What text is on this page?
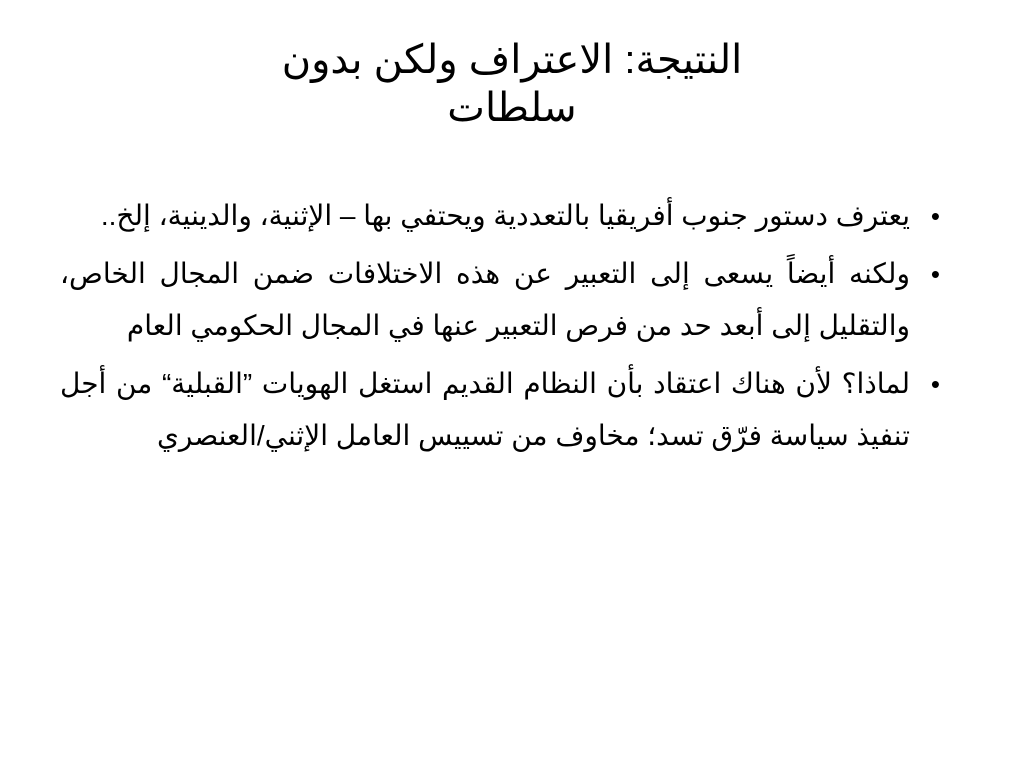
النتيجة: الاعتراف ولكن بدون
سلطات
•
يعترف دستور جنوب أفريقيا بالتعددية ويحتفي بها – الإثنية، والدينية، إلخ..
•
ولكنه أيضاً يسعى إلى التعبير عن هذه الاختلافات ضمن المجال الخاص، والتقليل إلى أبعد حد من فرص التعبير عنها في المجال الحكومي العام
•
لماذا؟ لأن هناك اعتقاد بأن النظام القديم استغل الهويات ”القبلية“ من أجل تنفيذ سياسة فرّق تسد؛ مخاوف من تسييس العامل الإثني/العنصري
